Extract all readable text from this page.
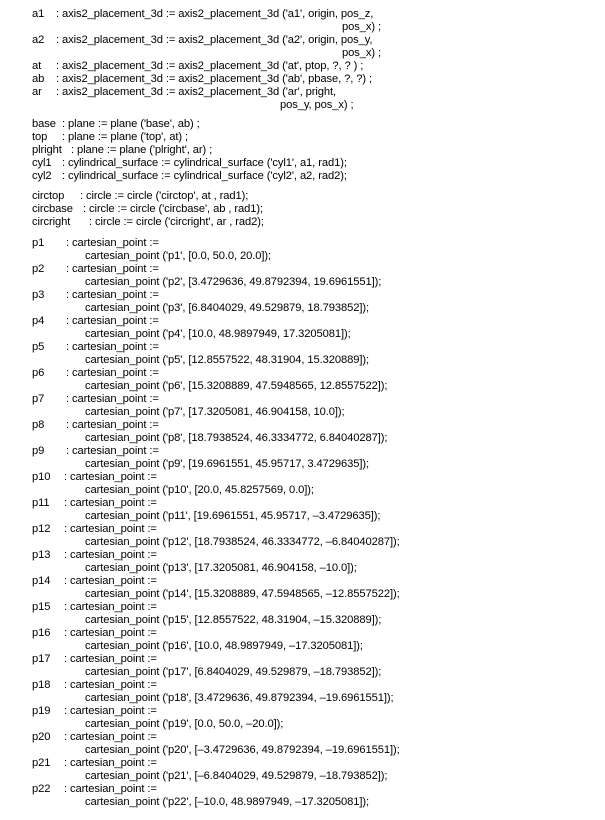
a1 : axis2_placement_3d := axis2_placement_3d ('a1', origin, pos_z,
pos_x) ;
a2 : axis2_placement_3d := axis2_placement_3d ('a2', origin, pos_y,
pos_x) ;
at : axis2_placement_3d := axis2_placement_3d ('at', ptop, ?, ? ) ;
ab : axis2_placement_3d := axis2_placement_3d ('ab', pbase, ?, ?) ;
ar : axis2_placement_3d := axis2_placement_3d ('ar', pright,
pos_y, pos_x) ;
base : plane := plane ('base', ab) ;
top : plane := plane ('top', at) ;
plright : plane := plane ('plright', ar) ;
cyl1 : cylindrical_surface := cylindrical_surface ('cyl1', a1, rad1);
cyl2 : cylindrical_surface := cylindrical_surface ('cyl2', a2, rad2);
circtop : circle := circle ('circtop', at , rad1);
circbase : circle := circle ('circbase', ab , rad1);
circright : circle := circle ('circright', ar , rad2);
p1 : cartesian_point :=
cartesian_point ('p1', [0.0, 50.0, 20.0]);
p2 : cartesian_point :=
cartesian_point ('p2', [3.4729636, 49.8792394, 19.6961551]);
p3 : cartesian_point :=
cartesian_point ('p3', [6.8404029, 49.529879, 18.793852]);
p4 : cartesian_point :=
cartesian_point ('p4', [10.0, 48.9897949, 17.3205081]);
p5 : cartesian_point :=
cartesian_point ('p5', [12.8557522, 48.31904, 15.320889]);
p6 : cartesian_point :=
cartesian_point ('p6', [15.3208889, 47.5948565, 12.8557522]);
p7 : cartesian_point :=
cartesian_point ('p7', [17.3205081, 46.904158, 10.0]);
p8 : cartesian_point :=
cartesian_point ('p8', [18.7938524, 46.3334772, 6.84040287]);
p9 : cartesian_point :=
cartesian_point ('p9', [19.6961551, 45.95717, 3.4729635]);
p10 : cartesian_point :=
cartesian_point ('p10', [20.0, 45.8257569, 0.0]);
p11 : cartesian_point :=
cartesian_point ('p11', [19.6961551, 45.95717, –3.4729635]);
p12 : cartesian_point :=
cartesian_point ('p12', [18.7938524, 46.3334772, –6.84040287]);
p13 : cartesian_point :=
cartesian_point ('p13', [17.3205081, 46.904158, –10.0]);
p14 : cartesian_point :=
cartesian_point ('p14', [15.3208889, 47.5948565, –12.8557522]);
p15 : cartesian_point :=
cartesian_point ('p15', [12.8557522, 48.31904, –15.320889]);
p16 : cartesian_point :=
cartesian_point ('p16', [10.0, 48.9897949, –17.3205081]);
p17 : cartesian_point :=
cartesian_point ('p17', [6.8404029, 49.529879, –18.793852]);
p18 : cartesian_point :=
cartesian_point ('p18', [3.4729636, 49.8792394, –19.6961551]);
p19 : cartesian_point :=
cartesian_point ('p19', [0.0, 50.0, –20.0]);
p20 : cartesian_point :=
cartesian_point ('p20', [–3.4729636, 49.8792394, –19.6961551]);
p21 : cartesian_point :=
cartesian_point ('p21', [–6.8404029, 49.529879, –18.793852]);
p22 : cartesian_point :=
cartesian_point ('p22', [–10.0, 48.9897949, –17.3205081]);
